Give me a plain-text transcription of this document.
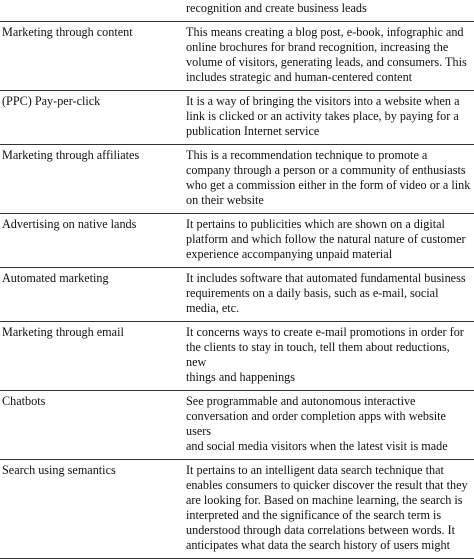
recognition and create business leads
Marketing through content	This means creating a blog post, e-book, infographic and
online brochures for brand recognition, increasing the
volume of visitors, generating leads, and consumers. This
includes strategic and human-centered content
(PPC) Pay-per-click	It is a way of bringing the visitors into a website when a
link is clicked or an activity takes place, by paying for a
publication Internet service
Marketing through affiliates	This is a recommendation technique to promote a
company through a person or a community of enthusiasts
who get a commission either in the form of video or a link
on their website
Advertising on native lands	It pertains to publicities which are shown on a digital
platform and which follow the natural nature of customer
experience accompanying unpaid material
Automated marketing	It includes software that automated fundamental business
requirements on a daily basis, such as e-mail, social
media, etc.
Marketing through email	It concerns ways to create e-mail promotions in order for
the clients to stay in touch, tell them about reductions, new
things and happenings
Chatbots	See programmable and autonomous interactive
conversation and order completion apps with website users
and social media visitors when the latest visit is made
Search using semantics	It pertains to an intelligent data search technique that
enables consumers to quicker discover the result that they
are looking for. Based on machine learning, the search is
interpreted and the significance of the search term is
understood through data correlations between words. It
anticipates what data the search history of users might
